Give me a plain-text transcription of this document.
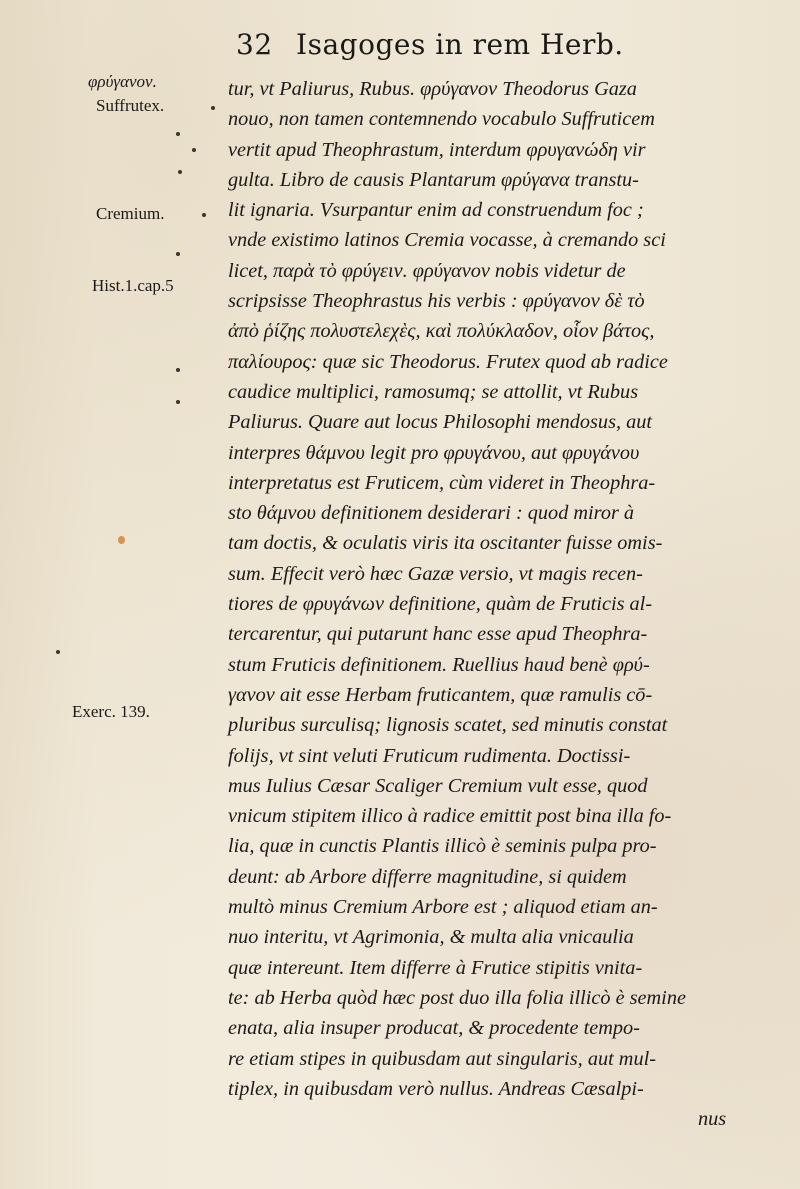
32 Isagoges in rem Herb.
φρύγανον.
Suffrutex.
Cremium.
Hist.1.cap.5
Exerc. 139.
tur, vt Paliurus, Rubus. φρύγανον Theodorus Gaza
nouo, non tamen contemnendo vocabulo Suffruticem
vertit apud Theophrastum, interdum φρυγανώδη vir
gulta. Libro de causis Plantarum φρύγανα transtu-
lit ignaria. Vsurpantur enim ad construendum foc ;
vnde existimo latinos Cremia vocasse, à cremando sci
licet, παρὰ τὸ φρύγειν. φρύγανον nobis videtur de
scripsisse Theophrastus his verbis : φρύγανον δὲ τὸ
ἀπὸ ῥίζης πολυστελεχὲς, καὶ πολύκλαδον, οἷον βάτος,
παλίουρος: quæ sic Theodorus. Frutex quod ab radice
caudice multiplici, ramosumq; se attollit, vt Rubus
Paliurus. Quare aut locus Philosophi mendosus, aut
interpres θάμνου legit pro φρυγάνου, aut φρυγάνου
interpretatus est Fruticem, cùm videret in Theophra-
sto θάμνου definitionem desiderari : quod miror à
tam doctis, & oculatis viris ita oscitanter fuisse omis-
sum. Effecit verò hæc Gazæ versio, vt magis recen-
tiores de φρυγάνων definitione, quàm de Fruticis al-
tercarentur, qui putarunt hanc esse apud Theophra-
stum Fruticis definitionem. Ruellius haud benè φρύ-
γανον ait esse Herbam fruticantem, quæ ramulis cō-
pluribus surculisq; lignosis scatet, sed minutis constat
folijs, vt sint veluti Fruticum rudimenta. Doctissi-
mus Iulius Cæsar Scaliger Cremium vult esse, quod
vnicum stipitem illico à radice emittit post bina illa fo-
lia, quæ in cunctis Plantis illicò è seminis pulpa pro-
deunt: ab Arbore differre magnitudine, si quidem
multò minus Cremium Arbore est ; aliquod etiam an-
nuo interitu, vt Agrimonia, & multa alia vnicaulia
quæ intereunt. Item differre à Frutice stipitis vnita-
te: ab Herba quòd hæc post duo illa folia illicò è semine
enata, alia insuper producat, & procedente tempo-
re etiam stipes in quibusdam aut singularis, aut mul-
tiplex, in quibusdam verò nullus. Andreas Cæsalpi-
nus
